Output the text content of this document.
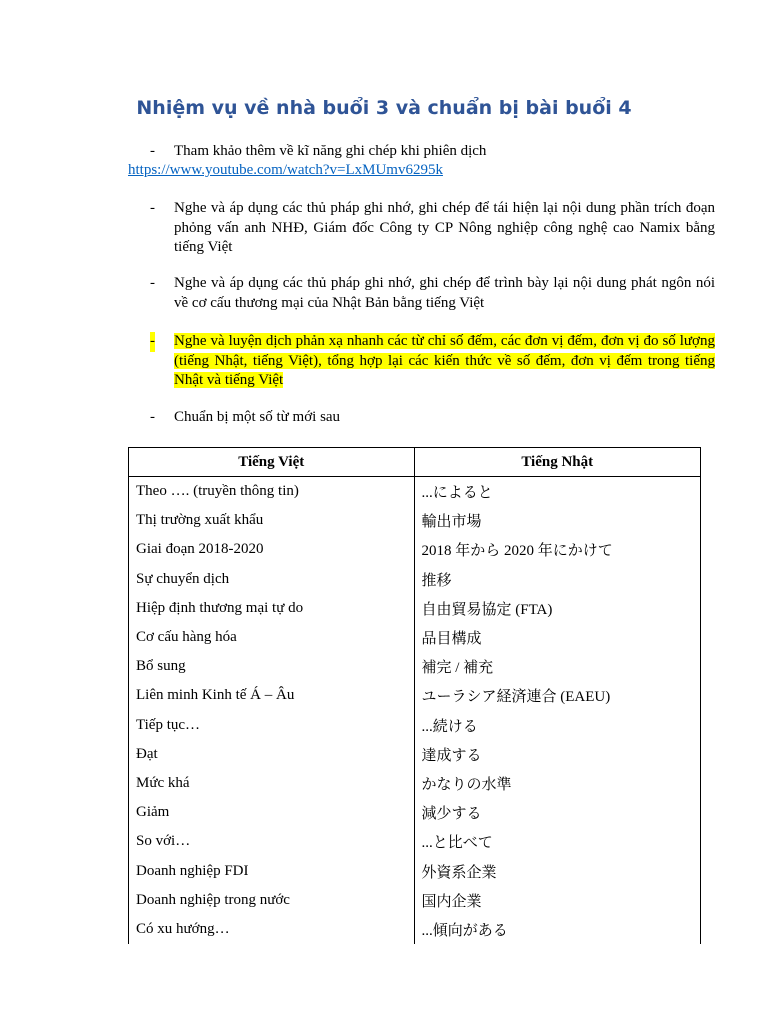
Nhiệm vụ về nhà buổi 3 và chuẩn bị bài buổi 4
- Tham khảo thêm về kĩ năng ghi chép khi phiên dịch
https://www.youtube.com/watch?v=LxMUmv6295k
- Nghe và áp dụng các thủ pháp ghi nhớ, ghi chép để tái hiện lại nội dung phần trích đoạn phỏng vấn anh NHĐ, Giám đốc Công ty CP Nông nghiệp công nghệ cao Namix bằng tiếng Việt
- Nghe và áp dụng các thủ pháp ghi nhớ, ghi chép để trình bày lại nội dung phát ngôn nói về cơ cấu thương mại của Nhật Bản bằng tiếng Việt
- Nghe và luyện dịch phản xạ nhanh các từ chỉ số đếm, các đơn vị đếm, đơn vị đo số lượng (tiếng Nhật, tiếng Việt), tổng hợp lại các kiến thức về số đếm, đơn vị đếm trong tiếng Nhật và tiếng Việt
- Chuẩn bị một số từ mới sau
Tiếng Việt	Tiếng Nhật
Theo …. (truyền thông tin)	...によると
Thị trường xuất khẩu	輸出市場
Giai đoạn 2018-2020	2018 年から 2020 年にかけて
Sự chuyển dịch	推移
Hiệp định thương mại tự do	自由貿易協定 (FTA)
Cơ cấu hàng hóa	品目構成
Bổ sung	補完 / 補充
Liên minh Kinh tế Á – Âu	ユーラシア経済連合 (EAEU)
Tiếp tục…	...続ける
Đạt	達成する
Mức khá	かなりの水準
Giảm	減少する
So với…	...と比べて
Doanh nghiệp FDI	外資系企業
Doanh nghiệp trong nước	国内企業
Có xu hướng…	...傾向がある
